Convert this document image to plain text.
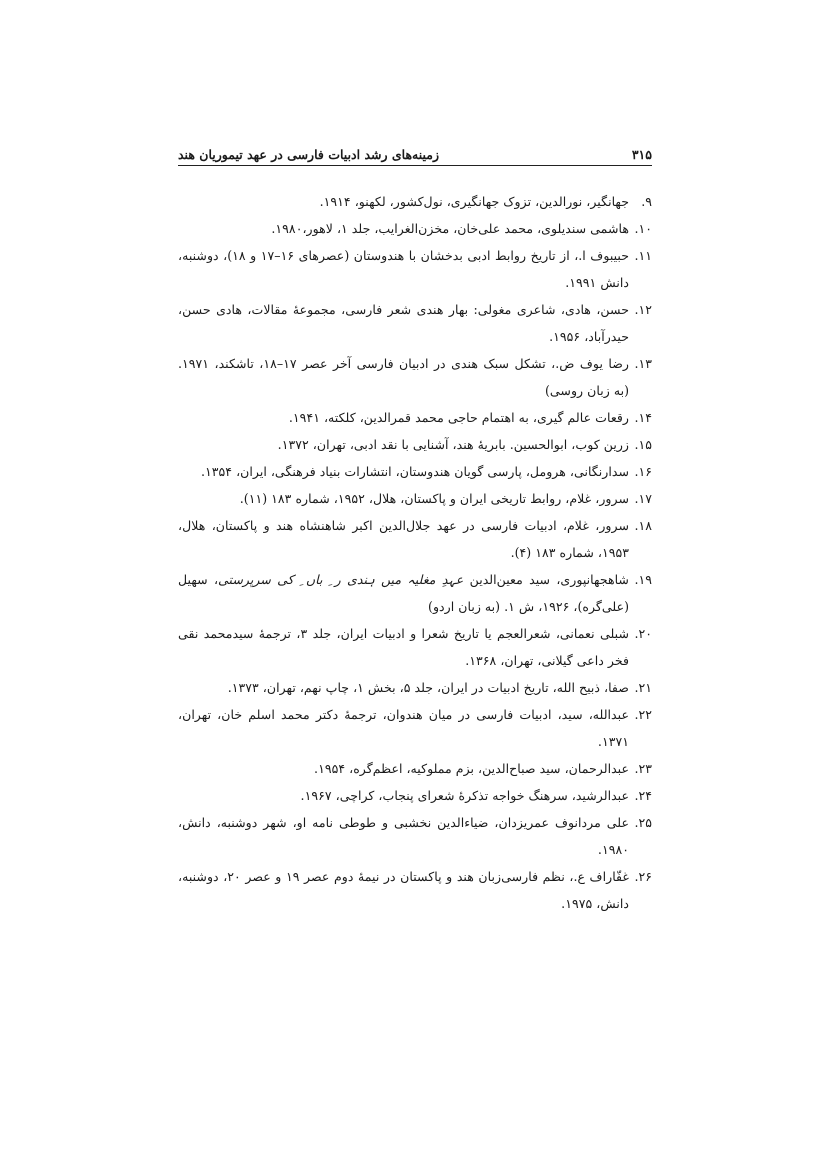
۳۱۵
زمینه‌های رشد ادبیات فارسی در عهد تیموریان هند
۹.
جهانگیر، نورالدین، تزوک جهانگیری، نول‌کشور، لکهنو، ۱۹۱۴.
۱۰.
هاشمی سندیلوی، محمد علی‌خان، مخزن‌الغرایب، جلد ۱، لاهور،۱۹۸۰.
۱۱.
حبیبوف ا.، از تاریخ روابط ادبی بدخشان با هندوستان (عصرهای ۱۶–۱۷ و ۱۸)، دوشنبه، دانش ۱۹۹۱.
۱۲.
حسن، هادی، شاعری مغولی: بهار هندی شعر فارسی، مجموعهٔ مقالات، هادی حسن، حیدرآباد، ۱۹۵۶.
۱۳.
رضا یوف ض.، تشکل سبک هندی در ادبیان فارسی آخر عصر ۱۷–۱۸، تاشکند، ۱۹۷۱. (به زبان روسی)
۱۴.
رقعات عالم گیری، به اهتمام حاجی محمد قمرالدین، کلکته، ۱۹۴۱.
۱۵.
زرین کوب، ابوالحسین. بابریهٔ هند، آشنایی با نقد ادبی، تهران، ۱۳۷۲.
۱۶.
سدارنگانی، هرومل، پارسی گویان هندوستان، انتشارات بنیاد فرهنگی، ایران، ۱۳۵۴.
۱۷.
سرور، غلام، روابط تاریخی ایران و پاکستان، هلال، ۱۹۵۲، شماره ۱۸۳ (۱۱).
۱۸.
سرور، غلام، ادبیات فارسی در عهد جلال‌الدین اکبر شاهنشاه هند و پاکستان، هلال، ۱۹۵۳، شماره ۱۸۳ (۴).
۱۹.
شاهجهانپوری، سید معین‌الدین‌ عہدِ مغلیہ میں ہندی ر ِ باں ِ کی سرپرستی، سهیل (علی‌گره)، ۱۹۲۶، ش ۱. (به زبان اردو)
۲۰.
شبلی نعمانی، شعرالعجم یا تاریخ شعرا و ادبیات ایران، جلد ۳، ترجمهٔ سیدمحمد نقی فخر داعی گیلانی، تهران، ۱۳۶۸.
۲۱.
صفا، ذبیح الله، تاریخ ادبیات در ایران، جلد ۵، بخش ۱، چاپ نهم، تهران، ۱۳۷۳.
۲۲.
عبدالله، سید، ادبیات فارسی در میان هندوان، ترجمهٔ دکتر محمد اسلم خان، تهران، ۱۳۷۱.
۲۳.
عبدالرحمان، سید صباح‌الدین، بزم مملوکیه، اعظم‌گره، ۱۹۵۴.
۲۴.
عبدالرشید، سرهنگ خواجه تذکرهٔ شعرای پنجاب، کراچی، ۱۹۶۷.
۲۵.
علی مردانوف عمریزدان، ضیاءالدین نخشبی و طوطی نامه او، شهر دوشنبه، دانش، ۱۹۸۰.
۲۶.
غفّاراف ع.، نظم فارسی‌زبان هند و پاکستان در نیمهٔ دوم عصر ۱۹ و عصر ۲۰، دوشنبه، دانش، ۱۹۷۵.
